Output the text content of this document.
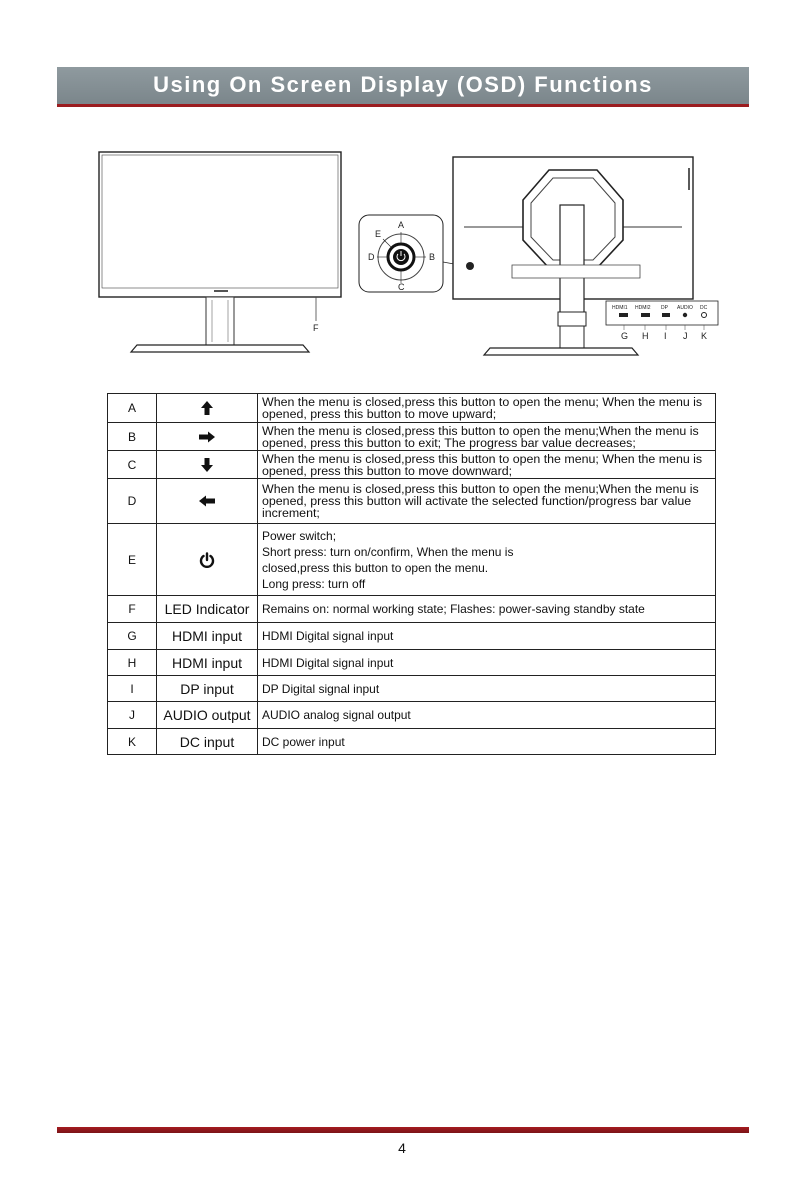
Using On Screen Display (OSD) Functions
F
A
B
C
D
E
HDMI1 HDMI2 DP AUDIO DC
G H I J K
A		When the menu is closed,press this button to open the menu; When the menu is opened, press this button to move upward;
B		When the menu is closed,press this button to open the menu;When the menu is opened, press this button to exit; The progress bar value decreases;
C		When the menu is closed,press this button to open the menu; When the menu is opened, press this button to move downward;
D		When the menu is closed,press this button to open the menu;When the menu is opened, press this button will activate the selected function/progress bar value increment;
E		Power switch;
Short press: turn on/confirm, When the menu is
closed,press this button to open the menu.
Long press: turn off

F	LED Indicator	Remains on: normal working state; Flashes: power-saving standby state
G	HDMI input	HDMI Digital signal input
H	HDMI input	HDMI Digital signal input
I	DP input	DP Digital signal input
J	AUDIO output	AUDIO analog signal output
K	DC input	DC power input
4
